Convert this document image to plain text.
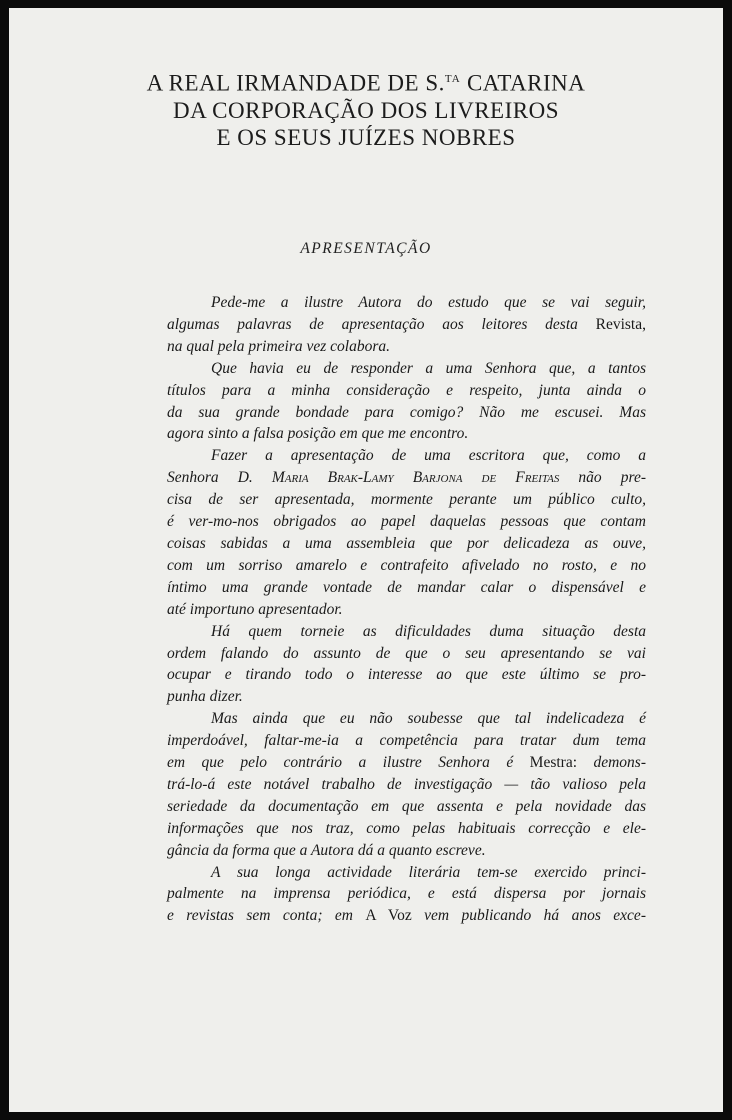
A REAL IRMANDADE DE S.$^{TA}$ CATARINA
DA CORPORAÇÃO DOS LIVREIROS
E OS SEUS JUÍZES NOBRES
APRESENTAÇÃO
Pede-me a ilustre Autora do estudo que se vai seguir,
algumas palavras de apresentação aos leitores desta Revista,
na qual pela primeira vez colabora.
Que havia eu de responder a uma Senhora que, a tantos
títulos para a minha consideração e respeito, junta ainda o
da sua grande bondade para comigo? Não me escusei. Mas
agora sinto a falsa posição em que me encontro.
Fazer a apresentação de uma escritora que, como a
Senhora D. Maria Brak-Lamy Barjona de Freitas não pre-
cisa de ser apresentada, mormente perante um público culto,
é ver-mo-nos obrigados ao papel daquelas pessoas que contam
coisas sabidas a uma assembleia que por delicadeza as ouve,
com um sorriso amarelo e contrafeito afivelado no rosto, e no
íntimo uma grande vontade de mandar calar o dispensável e
até importuno apresentador.
Há quem torneie as dificuldades duma situação desta
ordem falando do assunto de que o seu apresentando se vai
ocupar e tirando todo o interesse ao que este último se pro-
punha dizer.
Mas ainda que eu não soubesse que tal indelicadeza é
imperdoável, faltar-me-ia a competência para tratar dum tema
em que pelo contrário a ilustre Senhora é Mestra: demons-
trá-lo-á este notável trabalho de investigação — tão valioso pela
seriedade da documentação em que assenta e pela novidade das
informações que nos traz, como pelas habituais correcção e ele-
gância da forma que a Autora dá a quanto escreve.
A sua longa actividade literária tem-se exercido princi-
palmente na imprensa periódica, e está dispersa por jornais
e revistas sem conta; em A Voz vem publicando há anos exce-
